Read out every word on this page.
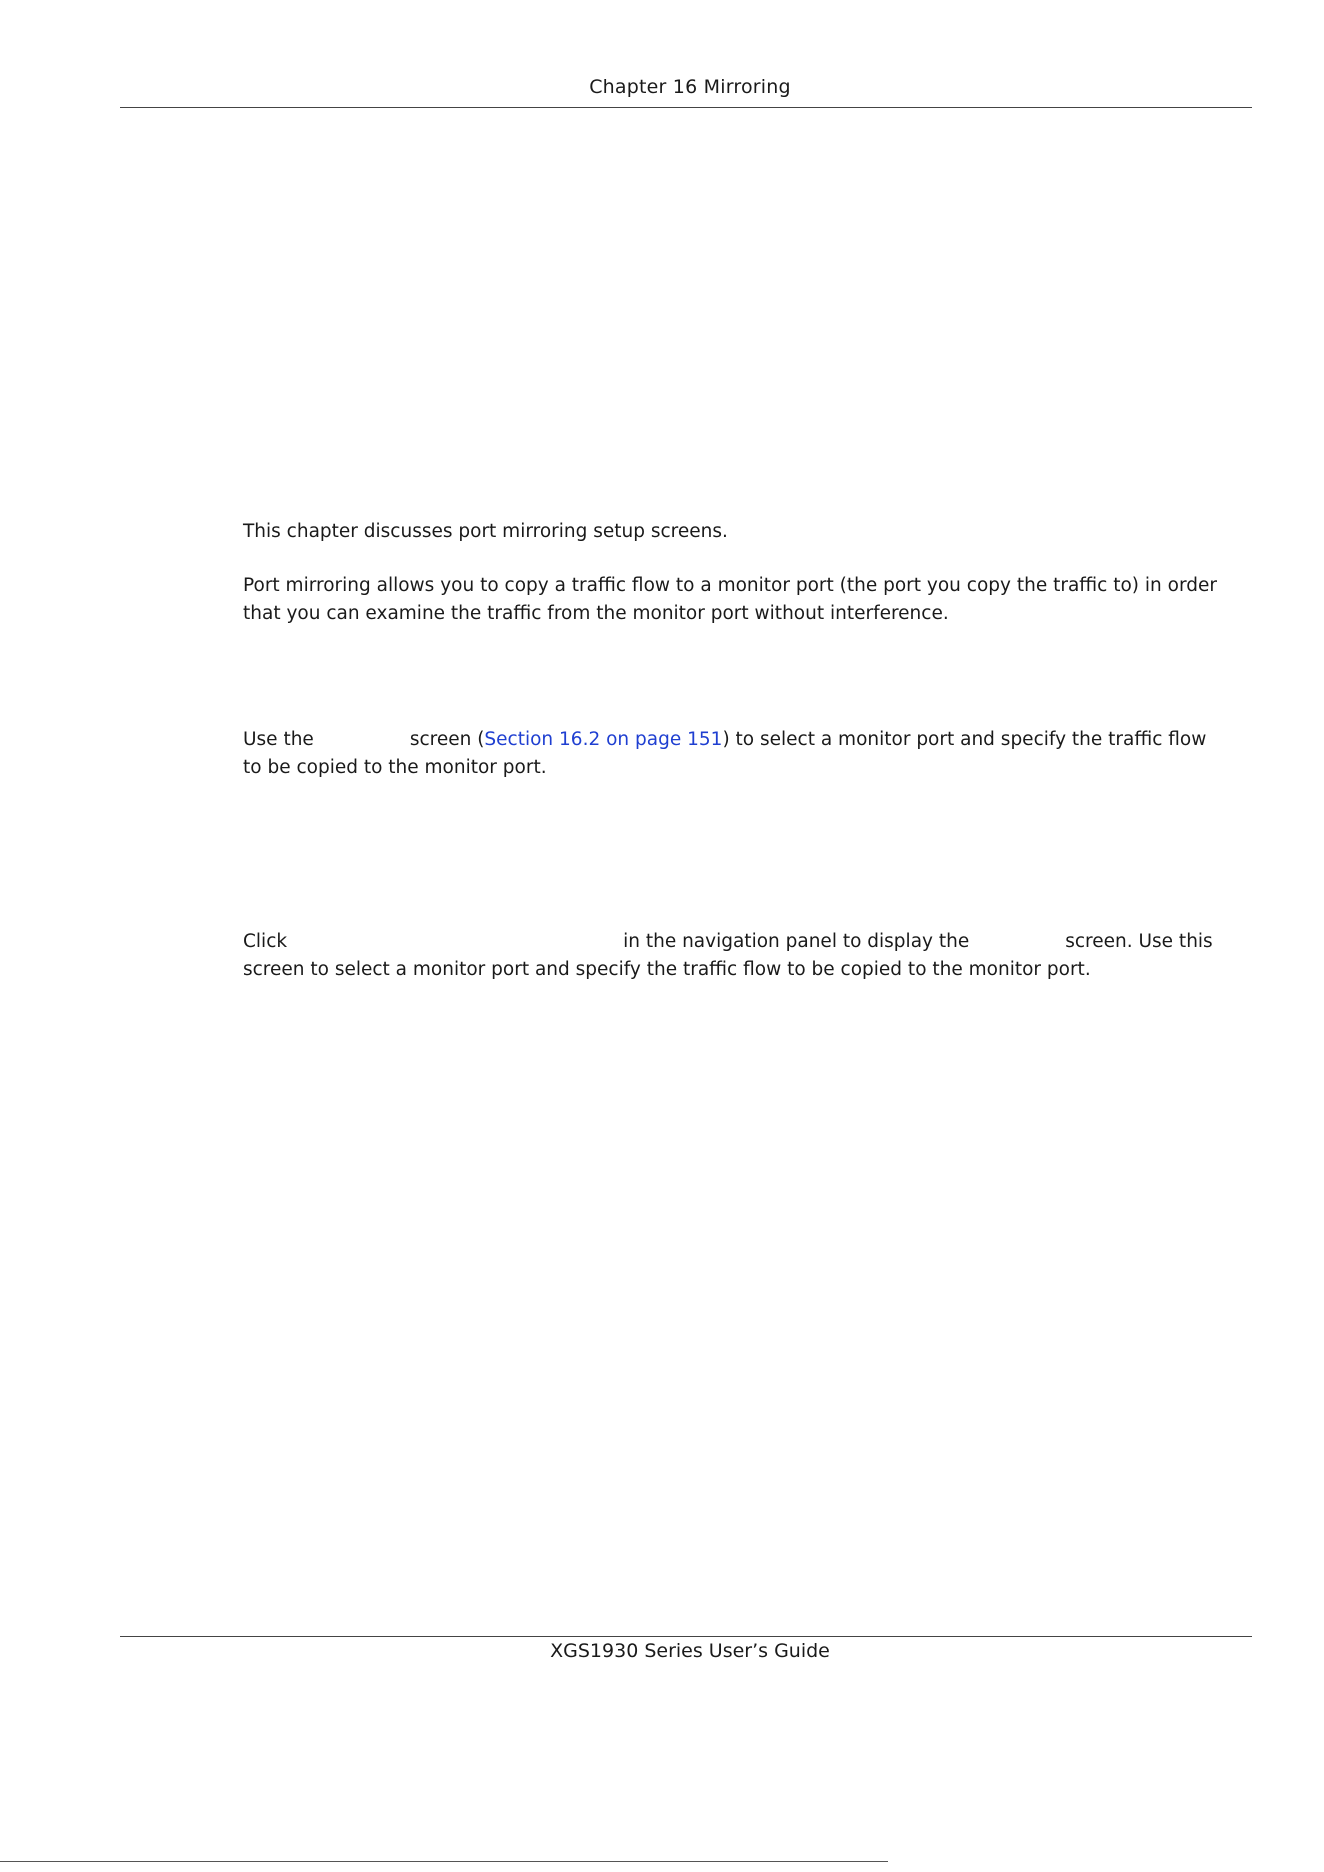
Chapter 16 Mirroring

This chapter discusses port mirroring setup screens.

Port mirroring allows you to copy a traffic flow to a monitor port (the port you copy the traffic to) in order
that you can examine the traffic from the monitor port without interference.

Use the	screen (Section 16.2 on page 151) to select a monitor port and specify the traffic flow
to be copied to the monitor port.

Click	in the navigation panel to display the	screen. Use this
screen to select a monitor port and specify the traffic flow to be copied to the monitor port.

XGS1930 Series User’s Guide
